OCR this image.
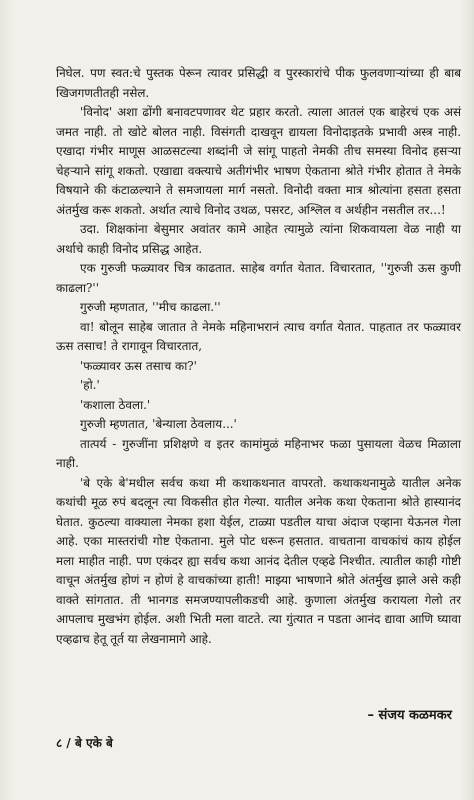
निघेल. पण स्वत:चे पुस्तक पेरून त्यावर प्रसिद्धी व पुरस्कारांचे पीक फुलवणाऱ्यांच्या ही बाब खिजगणतीतही नसेल.

'विनोद' अशा ढोंगी बनावटपणावर थेट प्रहार करतो. त्याला आतलं एक बाहेरचं एक असं जमत नाही. तो खोटे बोलत नाही. विसंगती दाखवून द्यायला विनोदाइतके प्रभावी अस्त्र नाही. एखादा गंभीर माणूस आळसटल्या शब्दांनी जे सांगू पाहतो नेमकी तीच समस्या विनोद हसऱ्या चेहऱ्याने सांगू शकतो. एखाद्या वक्त्याचे अतीगंभीर भाषण ऐकताना श्रोते गंभीर होतात ते नेमके विषयाने की कंटाळल्याने ते समजायला मार्ग नसतो. विनोदी वक्ता मात्र श्रोत्यांना हसता हसता अंतर्मुख करू शकतो. अर्थात त्याचे विनोद उथळ, पसरट, अश्लिल व अर्थहीन नसतील तर...!

उदा. शिक्षकांना बेसुमार अवांतर कामे आहेत त्यामुळे त्यांना शिकवायला वेळ नाही या अर्थाचे काही विनोद प्रसिद्ध आहेत.

एक गुरुजी फळ्यावर चित्र काढतात. साहेब वर्गात येतात. विचारतात, ''गुरुजी ऊस कुणी काढला?''

गुरुजी म्हणतात, ''मीच काढला.''

वा! बोलून साहेब जातात ते नेमके महिनाभरानं त्याच वर्गात येतात. पाहतात तर फळ्यावर ऊस तसाच! ते रागावून विचारतात,

'फळ्यावर ऊस तसाच का?'

'हो.'

'कशाला ठेवला.'

गुरुजी म्हणतात, 'बेन्याला ठेवलाय...'

तात्पर्य - गुरुजींना प्रशिक्षणे व इतर कामांमुळं महिनाभर फळा पुसायला वेळच मिळाला नाही.

'बे एके बे'मधील सर्वच कथा मी कथाकथनात वापरतो. कथाकथनामुळे यातील अनेक कथांची मूळ रुपं बदलून त्या विकसीत होत गेल्या. यातील अनेक कथा ऐकताना श्रोते हास्यानंद घेतात. कुठल्या वाक्याला नेमका हशा येईल, टाळ्या पडतील याचा अंदाज एव्हाना येऊनल गेला आहे. एका मास्तरांची गोष्ट ऐकताना. मुले पोट धरून हसतात. वाचताना वाचकांचं काय होईल मला माहीत नाही. पण एकंदर ह्या सर्वच कथा आनंद देतील एव्हढे निश्चीत. त्यातील काही गोष्टी वाचून अंतर्मुख होणं न होणं हे वाचकांच्या हाती! माझ्या भाषणाने श्रोते अंतर्मुख झाले असे कही वाक्ते सांगतात. ती भानगड समजण्यापलीकडची आहे. कुणाला अंतर्मुख करायला गेलो तर आपलाच मुखभंग होईल. अशी भिती मला वाटते. त्या गुंत्यात न पडता आनंद द्यावा आणि घ्यावा एव्हढाच हेतू तूर्त या लेखनामागे आहे.

– संजय कळमकर
८ / बे एके बे
